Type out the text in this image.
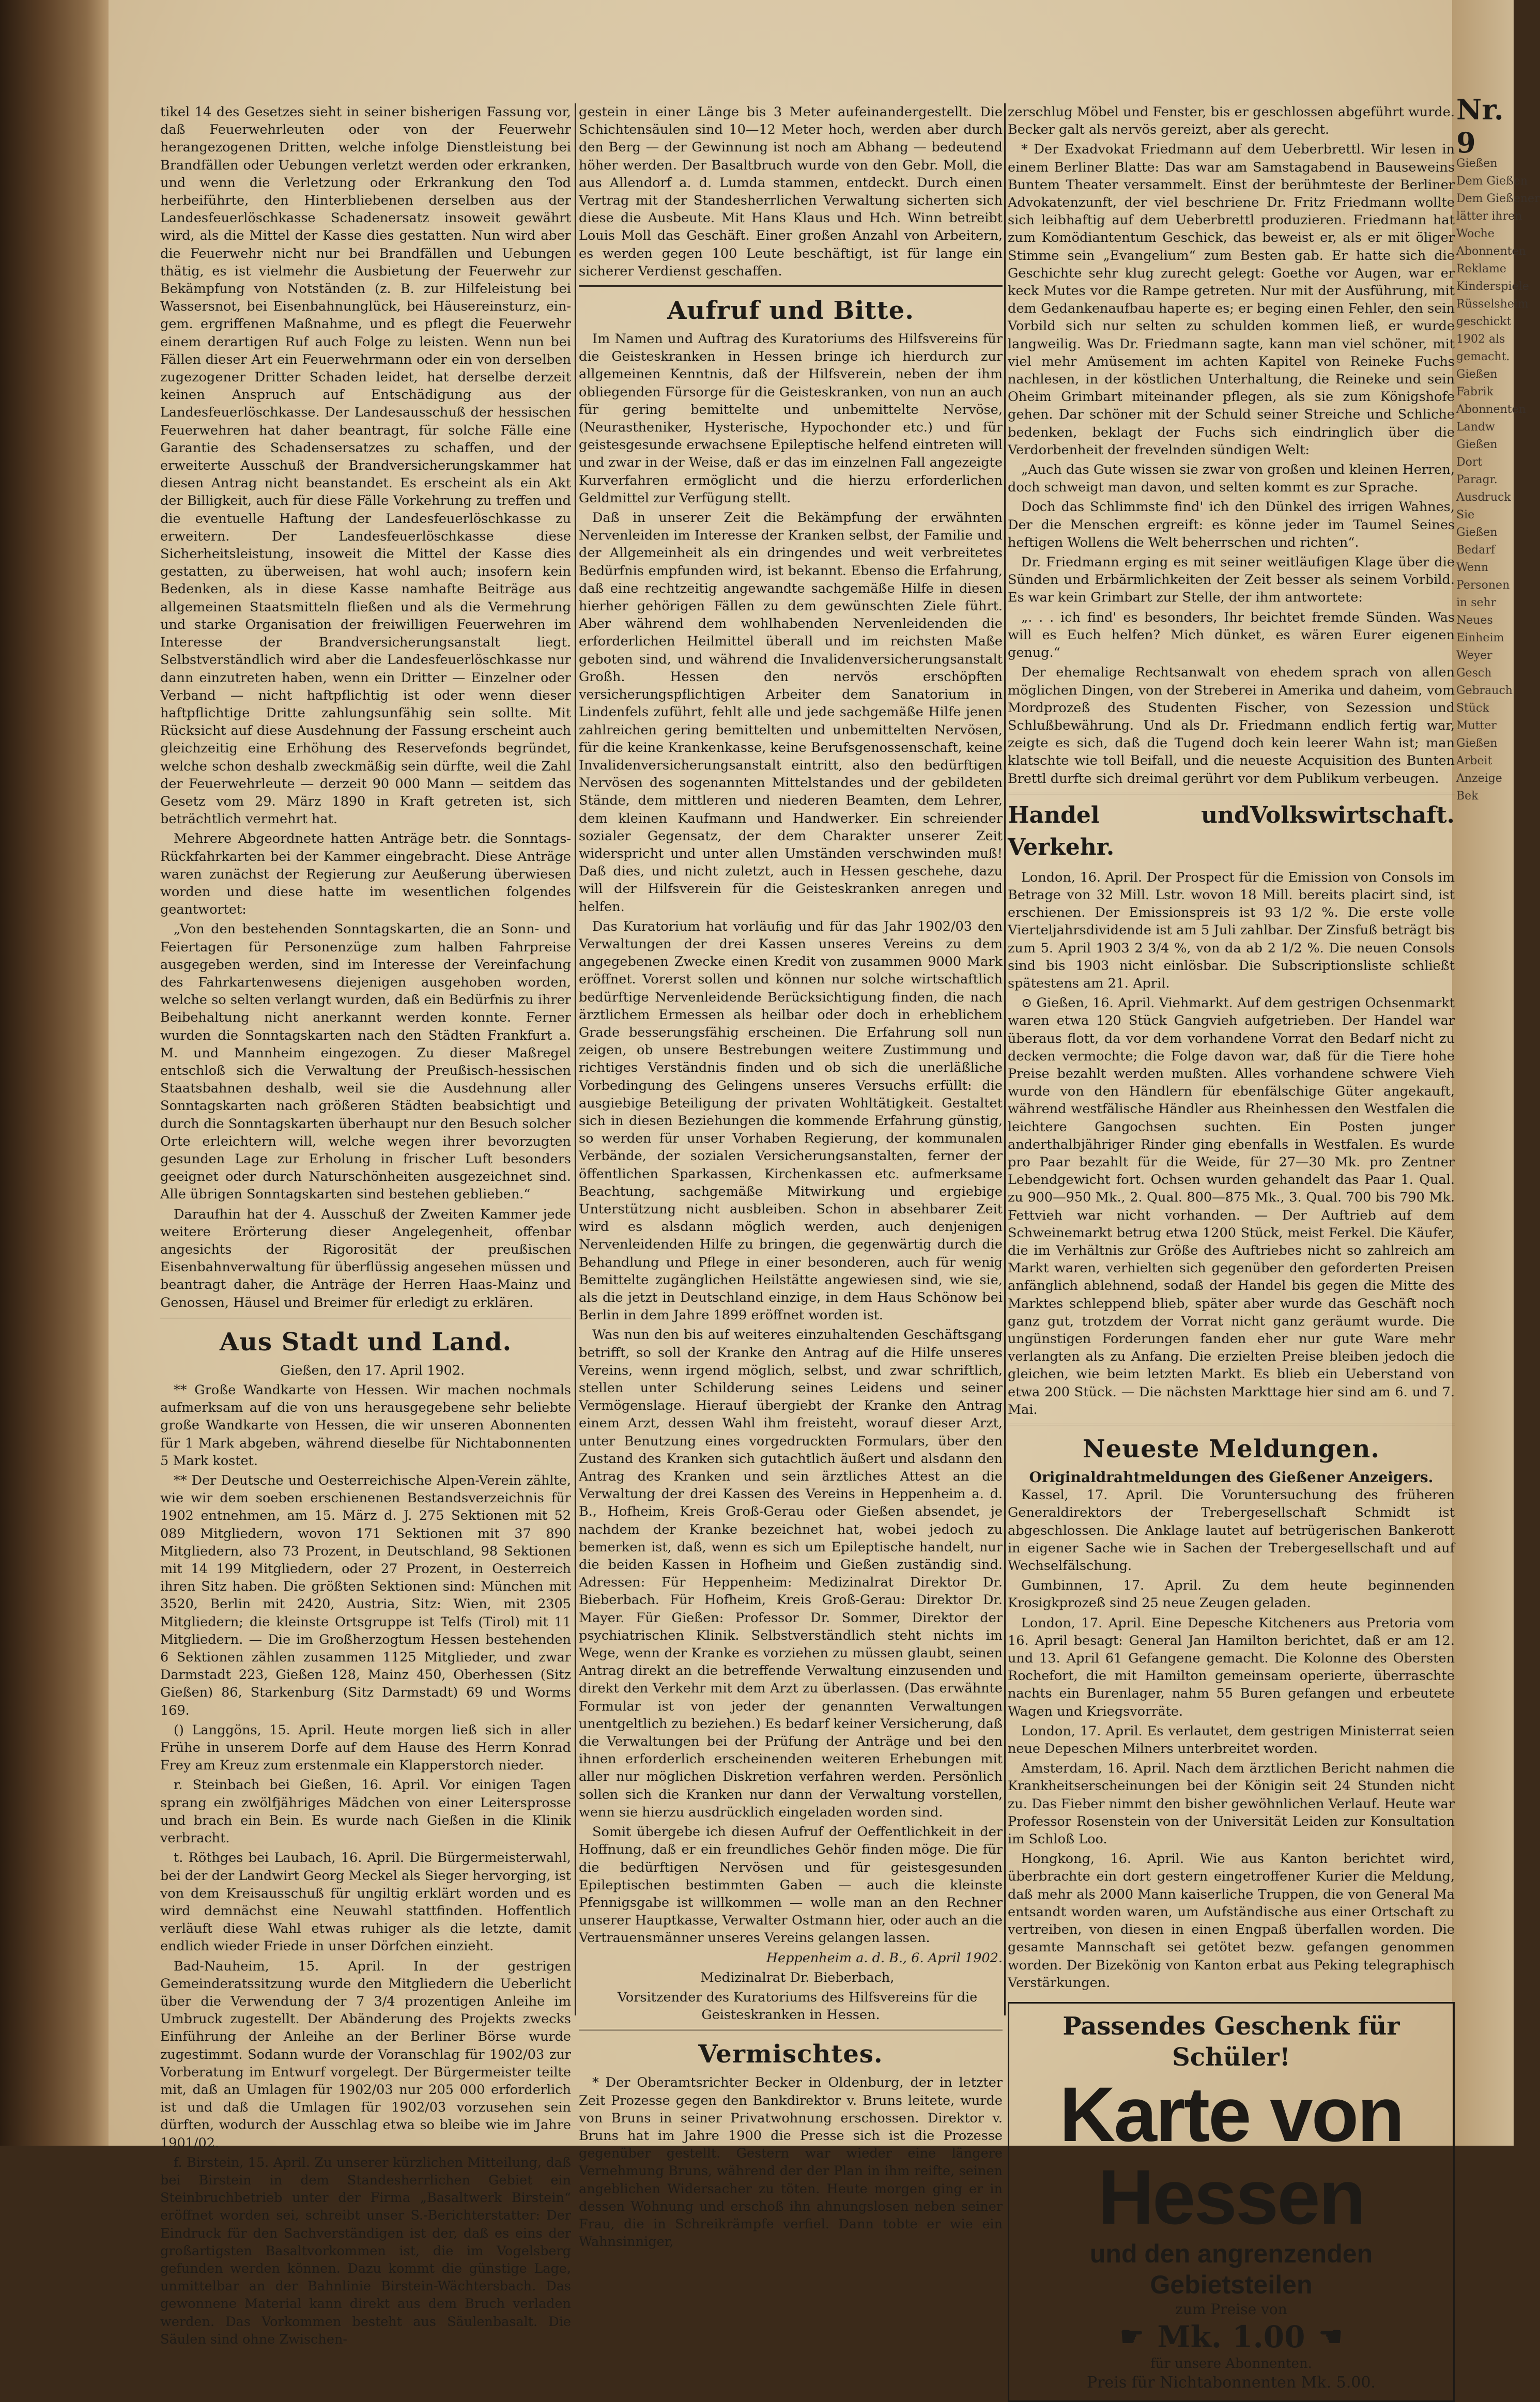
Nr. 9
Gießen
Dem Gießen
Dem Gießener
lätter ihren
Woche
Abonnenten
Reklame
Kinderspiele
Rüsselsheim
geschickt
1902 als
gemacht.
Gießen
Fabrik
Abonnenten
Landw
Gießen
Dort
Paragr.
Ausdruck
Sie
Gießen
Bedarf
Wenn
Personen
in sehr
Neues
Einheim
Weyer
Gesch
Gebrauch
Stück
Mutter
Gießen
Arbeit
Anzeige
Bek

tikel 14 des Gesetzes sieht in seiner bisherigen Fassung vor, daß Feuerwehrleuten oder von der Feuerwehr herangezogenen Dritten, welche infolge Dienstleistung bei Brandfällen oder Uebungen verletzt werden oder erkranken, und wenn die Verletzung oder Erkrankung den Tod herbeiführte, den Hinterbliebenen derselben aus der Landesfeuerlöschkasse Schadenersatz insoweit gewährt wird, als die Mittel der Kasse dies gestatten. Nun wird aber die Feuerwehr nicht nur bei Brandfällen und Uebungen thätig, es ist vielmehr die Ausbietung der Feuerwehr zur Bekämpfung von Notständen (z. B. zur Hilfeleistung bei Wassersnot, bei Eisenbahnunglück, bei Häusereinsturz, ein- gem. ergriffenen Maßnahme, und es pflegt die Feuerwehr einem derartigen Ruf auch Folge zu leisten. Wenn nun bei Fällen dieser Art ein Feuerwehrmann oder ein von derselben zugezogener Dritter Schaden leidet, hat derselbe derzeit keinen Anspruch auf Entschädigung aus der Landesfeuerlöschkasse. Der Landesausschuß der hessischen Feuerwehren hat daher beantragt, für solche Fälle eine Garantie des Schadensersatzes zu schaffen, und der erweiterte Ausschuß der Brandversicherungskammer hat diesen Antrag nicht beanstandet. Es erscheint als ein Akt der Billigkeit, auch für diese Fälle Vorkehrung zu treffen und die eventuelle Haftung der Landesfeuerlöschkasse zu erweitern. Der Landesfeuerlöschkasse diese Sicherheitsleistung, insoweit die Mittel der Kasse dies gestatten, zu überweisen, hat wohl auch; insofern kein Bedenken, als in diese Kasse namhafte Beiträge aus allgemeinen Staatsmitteln fließen und als die Vermehrung und starke Organisation der freiwilligen Feuerwehren im Interesse der Brandversicherungsanstalt liegt. Selbstverständlich wird aber die Landesfeuerlöschkasse nur dann einzutreten haben, wenn ein Dritter — Einzelner oder Verband — nicht haftpflichtig ist oder wenn dieser haftpflichtige Dritte zahlungsunfähig sein sollte. Mit Rücksicht auf diese Ausdehnung der Fassung erscheint auch gleichzeitig eine Erhöhung des Reservefonds begründet, welche schon deshalb zweckmäßig sein dürfte, weil die Zahl der Feuerwehrleute — derzeit 90 000 Mann — seitdem das Gesetz vom 29. März 1890 in Kraft getreten ist, sich beträchtlich vermehrt hat.

Mehrere Abgeordnete hatten Anträge betr. die Sonntags-Rückfahrkarten bei der Kammer eingebracht. Diese Anträge waren zunächst der Regierung zur Aeußerung überwiesen worden und diese hatte im wesentlichen folgendes geantwortet:

„Von den bestehenden Sonntagskarten, die an Sonn- und Feiertagen für Personenzüge zum halben Fahrpreise ausgegeben werden, sind im Interesse der Vereinfachung des Fahrkartenwesens diejenigen ausgehoben worden, welche so selten verlangt wurden, daß ein Bedürfnis zu ihrer Beibehaltung nicht anerkannt werden konnte. Ferner wurden die Sonntagskarten nach den Städten Frankfurt a. M. und Mannheim eingezogen. Zu dieser Maßregel entschloß sich die Verwaltung der Preußisch-hessischen Staatsbahnen deshalb, weil sie die Ausdehnung aller Sonntagskarten nach größeren Städten beabsichtigt und durch die Sonntagskarten überhaupt nur den Besuch solcher Orte erleichtern will, welche wegen ihrer bevorzugten gesunden Lage zur Erholung in frischer Luft besonders geeignet oder durch Naturschönheiten ausgezeichnet sind. Alle übrigen Sonntagskarten sind bestehen geblieben.“

Daraufhin hat der 4. Ausschuß der Zweiten Kammer jede weitere Erörterung dieser Angelegenheit, offenbar angesichts der Rigorosität der preußischen Eisenbahnverwaltung für überflüssig angesehen müssen und beantragt daher, die Anträge der Herren Haas-Mainz und Genossen, Häusel und Breimer für erledigt zu erklären.

Aus Stadt und Land.

Gießen, den 17. April 1902.

** Große Wandkarte von Hessen. Wir machen nochmals aufmerksam auf die von uns herausgegebene sehr beliebte große Wandkarte von Hessen, die wir unseren Abonnenten für 1 Mark abgeben, während dieselbe für Nichtabonnenten 5 Mark kostet.

** Der Deutsche und Oesterreichische Alpen-Verein zählte, wie wir dem soeben erschienenen Bestandsverzeichnis für 1902 entnehmen, am 15. März d. J. 275 Sektionen mit 52 089 Mitgliedern, wovon 171 Sektionen mit 37 890 Mitgliedern, also 73 Prozent, in Deutschland, 98 Sektionen mit 14 199 Mitgliedern, oder 27 Prozent, in Oesterreich ihren Sitz haben. Die größten Sektionen sind: München mit 3520, Berlin mit 2420, Austria, Sitz: Wien, mit 2305 Mitgliedern; die kleinste Ortsgruppe ist Telfs (Tirol) mit 11 Mitgliedern. — Die im Großherzogtum Hessen bestehenden 6 Sektionen zählen zusammen 1125 Mitglieder, und zwar Darmstadt 223, Gießen 128, Mainz 450, Oberhessen (Sitz Gießen) 86, Starkenburg (Sitz Darmstadt) 69 und Worms 169.

() Langgöns, 15. April. Heute morgen ließ sich in aller Frühe in unserem Dorfe auf dem Hause des Herrn Konrad Frey am Kreuz zum erstenmale ein Klapperstorch nieder.

r. Steinbach bei Gießen, 16. April. Vor einigen Tagen sprang ein zwölfjähriges Mädchen von einer Leitersprosse und brach ein Bein. Es wurde nach Gießen in die Klinik verbracht.

t. Röthges bei Laubach, 16. April. Die Bürgermeisterwahl, bei der der Landwirt Georg Meckel als Sieger hervorging, ist von dem Kreisausschuß für ungiltig erklärt worden und es wird demnächst eine Neuwahl stattfinden. Hoffentlich verläuft diese Wahl etwas ruhiger als die letzte, damit endlich wieder Friede in unser Dörfchen einzieht.

Bad-Nauheim, 15. April. In der gestrigen Gemeinderatssitzung wurde den Mitgliedern die Ueberlicht über die Verwendung der 7 3/4 prozentigen Anleihe im Umbruck zugestellt. Der Abänderung des Projekts zwecks Einführung der Anleihe an der Berliner Börse wurde zugestimmt. Sodann wurde der Voranschlag für 1902/03 zur Vorberatung im Entwurf vorgelegt. Der Bürgermeister teilte mit, daß an Umlagen für 1902/03 nur 205 000 erforderlich ist und daß die Umlagen für 1902/03 vorzusehen sein dürften, wodurch der Ausschlag etwa so bleibe wie im Jahre 1901/02.

f. Birstein, 15. April. Zu unserer kürzlichen Mitteilung, daß bei Birstein in dem Standesherrlichen Gebiet ein Steinbruchbetrieb unter der Firma „Basaltwerk Birstein“ eröffnet worden sei, schreibt unser S.-Berichterstatter: Der Eindruck für den Sachverständigen ist der, daß es eins der großartigsten Basaltvorkommen ist, die im Vogelsberg gefunden werden können. Dazu kommt die günstige Lage, unmittelbar an der Bahnlinie Birstein-Wächtersbach. Das gewonnene Material kann direkt aus dem Bruch verladen werden. Das Vorkommen besteht aus Säulenbasalt. Die Säulen sind ohne Zwischen-

gestein in einer Länge bis 3 Meter aufeinandergestellt. Die Schichtensäulen sind 10—12 Meter hoch, werden aber durch den Berg — der Gewinnung ist noch am Abhang — bedeutend höher werden. Der Basaltbruch wurde von den Gebr. Moll, die aus Allendorf a. d. Lumda stammen, entdeckt. Durch einen Vertrag mit der Standesherrlichen Verwaltung sicherten sich diese die Ausbeute. Mit Hans Klaus und Hch. Winn betreibt Louis Moll das Geschäft. Einer großen Anzahl von Arbeitern, es werden gegen 100 Leute beschäftigt, ist für lange ein sicherer Verdienst geschaffen.

Aufruf und Bitte.

Im Namen und Auftrag des Kuratoriums des Hilfsvereins für die Geisteskranken in Hessen bringe ich hierdurch zur allgemeinen Kenntnis, daß der Hilfsverein, neben der ihm obliegenden Fürsorge für die Geisteskranken, von nun an auch für gering bemittelte und unbemittelte Nervöse, (Neurastheniker, Hysterische, Hypochonder etc.) und für geistesgesunde erwachsene Epileptische helfend eintreten will und zwar in der Weise, daß er das im einzelnen Fall angezeigte Kurverfahren ermöglicht und die hierzu erforderlichen Geldmittel zur Verfügung stellt.

Daß in unserer Zeit die Bekämpfung der erwähnten Nervenleiden im Interesse der Kranken selbst, der Familie und der Allgemeinheit als ein dringendes und weit verbreitetes Bedürfnis empfunden wird, ist bekannt. Ebenso die Erfahrung, daß eine rechtzeitig angewandte sachgemäße Hilfe in diesen hierher gehörigen Fällen zu dem gewünschten Ziele führt. Aber während dem wohlhabenden Nervenleidenden die erforderlichen Heilmittel überall und im reichsten Maße geboten sind, und während die Invalidenversicherungsanstalt Großh. Hessen den nervös erschöpften versicherungspflichtigen Arbeiter dem Sanatorium in Lindenfels zuführt, fehlt alle und jede sachgemäße Hilfe jenen zahlreichen gering bemittelten und unbemittelten Nervösen, für die keine Krankenkasse, keine Berufsgenossenschaft, keine Invalidenversicherungsanstalt eintritt, also den bedürftigen Nervösen des sogenannten Mittelstandes und der gebildeten Stände, dem mittleren und niederen Beamten, dem Lehrer, dem kleinen Kaufmann und Handwerker. Ein schreiender sozialer Gegensatz, der dem Charakter unserer Zeit widerspricht und unter allen Umständen verschwinden muß! Daß dies, und nicht zuletzt, auch in Hessen geschehe, dazu will der Hilfsverein für die Geisteskranken anregen und helfen.

Das Kuratorium hat vorläufig und für das Jahr 1902/03 den Verwaltungen der drei Kassen unseres Vereins zu dem angegebenen Zwecke einen Kredit von zusammen 9000 Mark eröffnet. Vorerst sollen und können nur solche wirtschaftlich bedürftige Nervenleidende Berücksichtigung finden, die nach ärztlichem Ermessen als heilbar oder doch in erheblichem Grade besserungsfähig erscheinen. Die Erfahrung soll nun zeigen, ob unsere Bestrebungen weitere Zustimmung und richtiges Verständnis finden und ob sich die unerläßliche Vorbedingung des Gelingens unseres Versuchs erfüllt: die ausgiebige Beteiligung der privaten Wohltätigkeit. Gestaltet sich in diesen Beziehungen die kommende Erfahrung günstig, so werden für unser Vorhaben Regierung, der kommunalen Verbände, der sozialen Versicherungsanstalten, ferner der öffentlichen Sparkassen, Kirchenkassen etc. aufmerksame Beachtung, sachgemäße Mitwirkung und ergiebige Unterstützung nicht ausbleiben. Schon in absehbarer Zeit wird es alsdann möglich werden, auch denjenigen Nervenleidenden Hilfe zu bringen, die gegenwärtig durch die Behandlung und Pflege in einer besonderen, auch für wenig Bemittelte zugänglichen Heilstätte angewiesen sind, wie sie, als die jetzt in Deutschland einzige, in dem Haus Schönow bei Berlin in dem Jahre 1899 eröffnet worden ist.

Was nun den bis auf weiteres einzuhaltenden Geschäftsgang betrifft, so soll der Kranke den Antrag auf die Hilfe unseres Vereins, wenn irgend möglich, selbst, und zwar schriftlich, stellen unter Schilderung seines Leidens und seiner Vermögenslage. Hierauf übergiebt der Kranke den Antrag einem Arzt, dessen Wahl ihm freisteht, worauf dieser Arzt, unter Benutzung eines vorgedruckten Formulars, über den Zustand des Kranken sich gutachtlich äußert und alsdann den Antrag des Kranken und sein ärztliches Attest an die Verwaltung der drei Kassen des Vereins in Heppenheim a. d. B., Hofheim, Kreis Groß-Gerau oder Gießen absendet, je nachdem der Kranke bezeichnet hat, wobei jedoch zu bemerken ist, daß, wenn es sich um Epileptische handelt, nur die beiden Kassen in Hofheim und Gießen zuständig sind. Adressen: Für Heppenheim: Medizinalrat Direktor Dr. Bieberbach. Für Hofheim, Kreis Groß-Gerau: Direktor Dr. Mayer. Für Gießen: Professor Dr. Sommer, Direktor der psychiatrischen Klinik. Selbstverständlich steht nichts im Wege, wenn der Kranke es vorziehen zu müssen glaubt, seinen Antrag direkt an die betreffende Verwaltung einzusenden und direkt den Verkehr mit dem Arzt zu überlassen. (Das erwähnte Formular ist von jeder der genannten Verwaltungen unentgeltlich zu beziehen.) Es bedarf keiner Versicherung, daß die Verwaltungen bei der Prüfung der Anträge und bei den ihnen erforderlich erscheinenden weiteren Erhebungen mit aller nur möglichen Diskretion verfahren werden. Persönlich sollen sich die Kranken nur dann der Verwaltung vorstellen, wenn sie hierzu ausdrücklich eingeladen worden sind.

Somit übergebe ich diesen Aufruf der Oeffentlichkeit in der Hoffnung, daß er ein freundliches Gehör finden möge. Die für die bedürftigen Nervösen und für geistesgesunden Epileptischen bestimmten Gaben — auch die kleinste Pfennigsgabe ist willkommen — wolle man an den Rechner unserer Hauptkasse, Verwalter Ostmann hier, oder auch an die Vertrauensmänner unseres Vereins gelangen lassen.

Heppenheim a. d. B., 6. April 1902.

Medizinalrat Dr. Bieberbach,

Vorsitzender des Kuratoriums des Hilfsvereins für die Geisteskranken in Hessen.

Vermischtes.

* Der Oberamtsrichter Becker in Oldenburg, der in letzter Zeit Prozesse gegen den Bankdirektor v. Bruns leitete, wurde von Bruns in seiner Privatwohnung erschossen. Direktor v. Bruns hat im Jahre 1900 die Presse sich ist die Prozesse gegenüber gestellt. Gestern war wieder eine längere Vernehmung Bruns, während der der Plan in ihm reifte, seinen angeblichen Widersacher zu töten. Heute morgen ging er in dessen Wohnung und erschoß ihn ahnungslosen neben seiner Frau, die in Schreikrämpfe verfiel. Dann tobte er wie ein Wahnsinniger,

zerschlug Möbel und Fenster, bis er geschlossen abgeführt wurde. Becker galt als nervös gereizt, aber als gerecht.

* Der Exadvokat Friedmann auf dem Ueberbrettl. Wir lesen in einem Berliner Blatte: Das war am Samstagabend in Bauseweins Buntem Theater versammelt. Einst der berühmteste der Berliner Advokatenzunft, der viel beschriene Dr. Fritz Friedmann wollte sich leibhaftig auf dem Ueberbrettl produzieren. Friedmann hat zum Komödiantentum Geschick, das beweist er, als er mit öliger Stimme sein „Evangelium“ zum Besten gab. Er hatte sich die Geschichte sehr klug zurecht gelegt: Goethe vor Augen, war er keck Mutes vor die Rampe getreten. Nur mit der Ausführung, mit dem Gedankenaufbau haperte es; er beging einen Fehler, den sein Vorbild sich nur selten zu schulden kommen ließ, er wurde langweilig. Was Dr. Friedmann sagte, kann man viel schöner, mit viel mehr Amüsement im achten Kapitel von Reineke Fuchs nachlesen, in der köstlichen Unterhaltung, die Reineke und sein Oheim Grimbart miteinander pflegen, als sie zum Königshofe gehen. Dar schöner mit der Schuld seiner Streiche und Schliche bedenken, beklagt der Fuchs sich eindringlich über die Verdorbenheit der frevelnden sündigen Welt:

„Auch das Gute wissen sie zwar von großen und kleinen Herren, doch schweigt man davon, und selten kommt es zur Sprache.

Doch das Schlimmste find' ich den Dünkel des irrigen Wahnes, Der die Menschen ergreift: es könne jeder im Taumel Seines heftigen Wollens die Welt beherrschen und richten“.

Dr. Friedmann erging es mit seiner weitläufigen Klage über die Sünden und Erbärmlichkeiten der Zeit besser als seinem Vorbild. Es war kein Grimbart zur Stelle, der ihm antwortete:

„. . . ich find' es besonders, Ihr beichtet fremde Sünden. Was will es Euch helfen? Mich dünket, es wären Eurer eigenen genug.“

Der ehemalige Rechtsanwalt von ehedem sprach von allen möglichen Dingen, von der Streberei in Amerika und daheim, vom Mordprozeß des Studenten Fischer, von Sezession und Schlußbewährung. Und als Dr. Friedmann endlich fertig war, zeigte es sich, daß die Tugend doch kein leerer Wahn ist; man klatschte wie toll Beifall, und die neueste Acquisition des Bunten Brettl durfte sich dreimal gerührt vor dem Publikum verbeugen.

Handel und Verkehr.
Volkswirtschaft.

London, 16. April. Der Prospect für die Emission von Consols im Betrage von 32 Mill. Lstr. wovon 18 Mill. bereits placirt sind, ist erschienen. Der Emissionspreis ist 93 1/2 %. Die erste volle Vierteljahrsdividende ist am 5 Juli zahlbar. Der Zinsfuß beträgt bis zum 5. April 1903 2 3/4 %, von da ab 2 1/2 %. Die neuen Consols sind bis 1903 nicht einlösbar. Die Subscriptionsliste schließt spätestens am 21. April.

⊙ Gießen, 16. April. Viehmarkt. Auf dem gestrigen Ochsenmarkt waren etwa 120 Stück Gangvieh aufgetrieben. Der Handel war überaus flott, da vor dem vorhandene Vorrat den Bedarf nicht zu decken vermochte; die Folge davon war, daß für die Tiere hohe Preise bezahlt werden mußten. Alles vorhandene schwere Vieh wurde von den Händlern für ebenfälschige Güter angekauft, während westfälische Händler aus Rheinhessen den Westfalen die leichtere Gangochsen suchten. Ein Posten junger anderthalbjähriger Rinder ging ebenfalls in Westfalen. Es wurde pro Paar bezahlt für die Weide, für 27—30 Mk. pro Zentner Lebendgewicht fort. Ochsen wurden gehandelt das Paar 1. Qual. zu 900—950 Mk., 2. Qual. 800—875 Mk., 3. Qual. 700 bis 790 Mk. Fettvieh war nicht vorhanden. — Der Auftrieb auf dem Schweinemarkt betrug etwa 1200 Stück, meist Ferkel. Die Käufer, die im Verhältnis zur Größe des Auftriebes nicht so zahlreich am Markt waren, verhielten sich gegenüber den geforderten Preisen anfänglich ablehnend, sodaß der Handel bis gegen die Mitte des Marktes schleppend blieb, später aber wurde das Geschäft noch ganz gut, trotzdem der Vorrat nicht ganz geräumt wurde. Die ungünstigen Forderungen fanden eher nur gute Ware mehr verlangten als zu Anfang. Die erzielten Preise bleiben jedoch die gleichen, wie beim letzten Markt. Es blieb ein Ueberstand von etwa 200 Stück. — Die nächsten Markttage hier sind am 6. und 7. Mai.

Neueste Meldungen.
Originaldrahtmeldungen des Gießener Anzeigers.

Kassel, 17. April. Die Voruntersuchung des früheren Generaldirektors der Trebergesellschaft Schmidt ist abgeschlossen. Die Anklage lautet auf betrügerischen Bankerott in eigener Sache wie in Sachen der Trebergesellschaft und auf Wechselfälschung.

Gumbinnen, 17. April. Zu dem heute beginnenden Krosigkprozeß sind 25 neue Zeugen geladen.

London, 17. April. Eine Depesche Kitcheners aus Pretoria vom 16. April besagt: General Jan Hamilton berichtet, daß er am 12. und 13. April 61 Gefangene gemacht. Die Kolonne des Obersten Rochefort, die mit Hamilton gemeinsam operierte, überraschte nachts ein Burenlager, nahm 55 Buren gefangen und erbeutete Wagen und Kriegsvorräte.

London, 17. April. Es verlautet, dem gestrigen Ministerrat seien neue Depeschen Milners unterbreitet worden.

Amsterdam, 16. April. Nach dem ärztlichen Bericht nahmen die Krankheitserscheinungen bei der Königin seit 24 Stunden nicht zu. Das Fieber nimmt den bisher gewöhnlichen Verlauf. Heute war Professor Rosenstein von der Universität Leiden zur Konsultation im Schloß Loo.

Hongkong, 16. April. Wie aus Kanton berichtet wird, überbrachte ein dort gestern eingetroffener Kurier die Meldung, daß mehr als 2000 Mann kaiserliche Truppen, die von General Ma entsandt worden waren, um Aufständische aus einer Ortschaft zu vertreiben, von diesen in einen Engpaß überfallen worden. Die gesamte Mannschaft sei getötet bezw. gefangen genommen worden. Der Bizekönig von Kanton erbat aus Peking telegraphisch Verstärkungen.

Passendes Geschenk für Schüler!
Karte von Hessen
und den angrenzenden Gebietsteilen
zum Preise von
☛ Mk. 1.00 ☚
für unsere Abonnenten.
Preis für Nichtabonnenten Mk. 5.00.
